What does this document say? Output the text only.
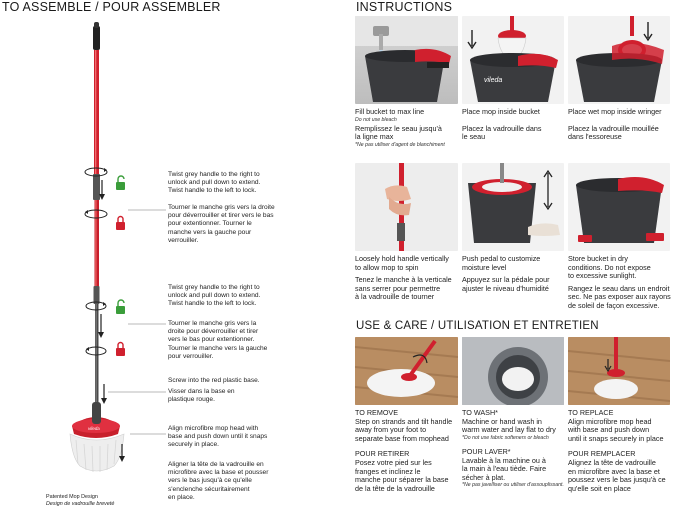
TO ASSEMBLE / POUR ASSEMBLER
vileda
Twist grey handle to the right to
unlock and pull down to extend.
Twist handle to the left to lock.
Tourner le manche gris vers la droite
pour déverrouiller et tirer vers le bas
pour extentionner. Tourner le
manche vers la gauche pour
verrouiller.
Twist grey handle to the right to
unlock and pull down to extend.
Twist handle to the left to lock.
Tourner le manche gris vers la
droite pour déverrouiller et tirer
vers le bas pour extentionner.
Tourner le manche vers la gauche
pour verrouiller.
Screw into the red plastic base.
Visser dans la base en
plastique rouge.
Align microfibre mop head with
base and push down until it snaps
securely in place.
Aligner la tête de la vadrouille en
microfibre avec la base et pousser
vers le bas jusqu'à ce qu'elle
s'enclenche sécuritairement
en place.
Patented Mop Design
Design de vadrouille breveté
INSTRUCTIONS
vileda
Fill bucket to max line
Do not use bleach
Remplissez le seau jusqu'à
la ligne max
*Ne pas utiliser d'agent de blanchiment
Place mop inside bucket
Placez la vadrouille dans
le seau
Place wet mop inside wringer
Placez la vadrouille mouillée
dans l'essoreuse
Loosely hold handle vertically
to allow mop to spin
Tenez le manche à la verticale
sans serrer pour permettre
à la vadrouille de tourner
Push pedal to customize
moisture level
Appuyez sur la pédale pour
ajuster le niveau d'humidité
Store bucket in dry
conditions. Do not expose
to excessive sunlight.
Rangez le seau dans un endroit
sec. Ne pas exposer aux rayons
de soleil de façon excessive.
USE & CARE / UTILISATION ET ENTRETIEN
TO REMOVE
Step on strands and tilt handle
away from your foot to
separate base from mophead
POUR RETIRER
Posez votre pied sur les
franges et inclinez le
manche pour séparer la base
de la tête de la vadrouille
TO WASH*
Machine or hand wash in
warm water and lay flat to dry
*Do not use fabric softeners or bleach
POUR LAVER*
Lavable à la machine ou à
la main à l'eau tiède. Faire
sécher à plat.
*Ne pas javelliser ou utiliser d'assouplissant.
TO REPLACE
Align microfibre mop head
with base and push down
until it snaps securely in place
POUR REMPLACER
Alignez la tête de vadrouille
en microfibre avec la base et
poussez vers le bas jusqu'à ce
qu'elle soit en place
